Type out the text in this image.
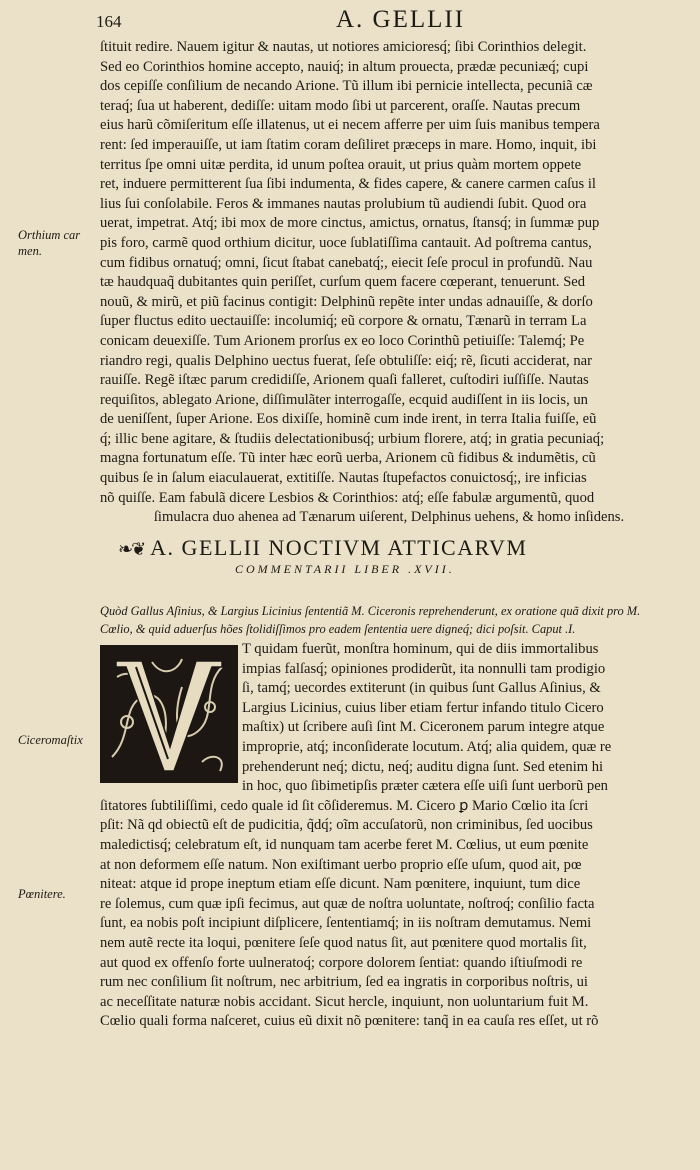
164	A. GELLII
ſtituit redire. Nauem igitur & nautas, ut notiores amicioresq́; ſibi Corinthios delegit.
Sed eo Corinthios homine accepto, nauiq́; in altum prouecta, prædæ pecuniæq́; cupi
dos cepiſſe conſilium de necando Arione. Tũ illum ibi pernicie intellecta, pecuniã cæ
teraq́; ſua ut haberent, dediſſe: uitam modo ſibi ut parcerent, oraſſe. Nautas precum
eius harũ cõmiſeritum eſſe illatenus, ut ei necem afferre per uim ſuis manibus tempera
rent: ſed imperauiſſe, ut iam ſtatim coram deſiliret præceps in mare. Homo, inquit, ibi
territus ſpe omni uitæ perdita, id unum poſtea orauit, ut prius quàm mortem oppete
ret, induere permitterent ſua ſibi indumenta, & fides capere, & canere carmen caſus il
lius ſui conſolabile. Feros & immanes nautas prolubium tũ audiendi ſubit. Quod ora
uerat, impetrat. Atq́; ibi mox de more cinctus, amictus, ornatus, ſtansq́; in ſummæ pup
pis foro, carmẽ quod orthium dicitur, uoce ſublatiſſima cantauit. Ad poſtrema cantus,
cum fidibus ornatuq́; omni, ſicut ſtabat canebatq́;, eiecit ſeſe procul in profundũ. Nau
tæ haudquaq̃ dubitantes quin periſſet, curſum quem facere cœperant, tenuerunt. Sed
nouũ, & mirũ, et piũ facinus contigit: Delphinũ repẽte inter undas adnauiſſe, & dorſo
ſuper fluctus edito uectauiſſe: incolumiq́; eũ corpore & ornatu, Tænarũ in terram La
conicam deuexiſſe. Tum Arionem prorſus ex eo loco Corinthũ petiuiſſe: Talemq́; Pe
riandro regi, qualis Delphino uectus fuerat, ſeſe obtuliſſe: eiq́; rẽ, ſicuti acciderat, nar
rauiſſe. Regẽ iſtæc parum credidiſſe, Arionem quaſi falleret, cuſtodiri iuſſiſſe. Nautas
requiſitos, ablegato Arione, diſſimulãter interrogaſſe, ecquid audiſſent in iis locis, un
de ueniſſent, ſuper Arione. Eos dixiſſe, hominẽ cum inde irent, in terra Italia fuiſſe, eũ
q́; illic bene agitare, & ſtudiis delectationibusq́; urbium florere, atq́; in gratia pecuniaq́;
magna fortunatum eſſe. Tũ inter hæc eorũ uerba, Arionem cũ fidibus & indumẽtis, cũ
quibus ſe in ſalum eiaculauerat, extitiſſe. Nautas ſtupefactos conuictosq́;, ire inficias
nõ quiſſe. Eam fabulã dicere Lesbios & Corinthios: atq́; eſſe fabulæ argumentũ, quod
ſimulacra duo ahenea ad Tænarum uiſerent, Delphinus uehens, & homo inſidens.
Orthium car men.
❧❦ A. GELLII NOCTIVM ATTICARVM
COMMENTARII LIBER .XVII.
Quòd Gallus Aſinius, & Largius Licinius ſententiã M. Ciceronis reprehenderunt, ex oratione quã dixit pro M.
Cœlio, & quid aduerſus hões ſtolidiſſimos pro eadem ſententia uere digneq́; dici poſsit. Caput .I.
Ciceromaſtix
Pœnitere.
T quidam fuerũt, monſtra hominum, qui de diis immortalibus
impias falſasq́; opiniones prodiderũt, ita nonnulli tam prodigio
ſi, tamq́; uecordes extiterunt (in quibus ſunt Gallus Aſinius, &
Largius Licinius, cuius liber etiam fertur infando titulo Cicero
maſtix) ut ſcribere auſi ſint M. Ciceronem parum integre atque
improprie, atq́; inconſiderate locutum. Atq́; alia quidem, quæ re
prehenderunt neq́; dictu, neq́; auditu digna ſunt. Sed etenim hi
in hoc, quo ſibimetipſis præter cætera eſſe uiſi ſunt uerborũ pen
ſitatores ſubtiliſſimi, cedo quale id ſit cõſideremus. M. Cicero ꝑ Mario Cœlio ita ſcri
pſit: Nã qd obiectũ eſt de pudicitia, q̃dq́; oĩm accuſatorũ, non criminibus, ſed uocibus
maledictisq́; celebratum eſt, id nunquam tam acerbe feret M. Cœlius, ut eum pœnite
at non deformem eſſe natum. Non exiſtimant uerbo proprio eſſe uſum, quod ait, pœ
niteat: atque id prope ineptum etiam eſſe dicunt. Nam pœnitere, inquiunt, tum dice
re ſolemus, cum quæ ipſi fecimus, aut quæ de noſtra uoluntate, noſtroq́; conſilio facta
ſunt, ea nobis poſt incipiunt diſplicere, ſententiamq́; in iis noſtram demutamus. Nemi
nem autẽ recte ita loqui, pœnitere ſeſe quod natus ſit, aut pœnitere quod mortalis ſit,
aut quod ex offenſo forte uulneratoq́; corpore dolorem ſentiat: quando iſtiuſmodi re
rum nec conſilium ſit noſtrum, nec arbitrium, ſed ea ingratis in corporibus noſtris, ui
ac neceſſitate naturæ nobis accidant. Sicut hercle, inquiunt, non uoluntarium fuit M.
Cœlio quali forma naſceret, cuius eũ dixit nõ pœnitere: tanq̃ in ea cauſa res eſſet, ut rõ
